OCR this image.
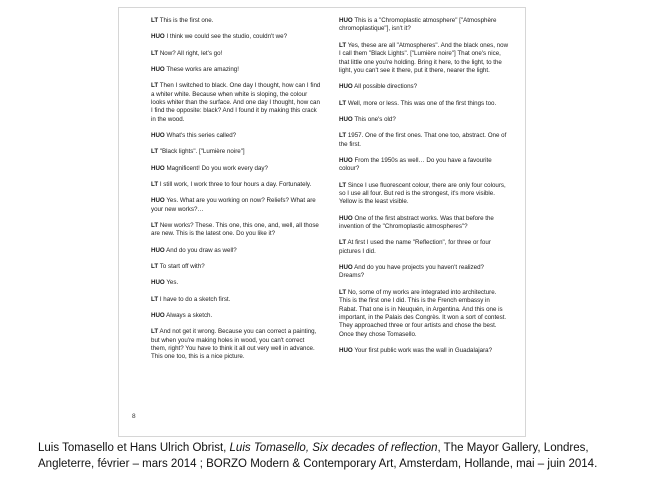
LT This is the first one.

HUO I think we could see the studio, couldn't we?

LT Now? All right, let's go!

HUO These works are amazing!

LT Then I switched to black. One day I thought, how can I find a whiter white. Because when white is sloping, the colour looks whiter than the surface. And one day I thought, how can I find the opposite: black? And I found it by making this crack in the wood.

HUO What's this series called?

LT "Black lights". ["Lumière noire"]

HUO Magnificent! Do you work every day?

LT I still work, I work three to four hours a day. Fortunately.

HUO Yes. What are you working on now? Reliefs? What are your new works?…

LT New works? These. This one, this one, and, well, all those are new. This is the latest one. Do you like it?

HUO And do you draw as well?

LT To start off with?

HUO Yes.

LT I have to do a sketch first.

HUO Always a sketch.

LT And not get it wrong. Because you can correct a painting, but when you're making holes in wood, you can't correct them, right? You have to think it all out very well in advance.
This one too, this is a nice picture.

HUO This is a "Chromoplastic atmosphere" ["Atmosphère chromoplastique"], isn't it?

LT Yes, these are all "Atmospheres". And the black ones, now I call them "Black Lights". ["Lumière noire"] That one's nice, that little one you're holding. Bring it here, to the light, to the light, you can't see it there, put it there, nearer the light.

HUO All possible directions?

LT Well, more or less. This was one of the first things too.

HUO This one's old?

LT 1957. One of the first ones. That one too, abstract. One of the first.

HUO From the 1950s as well… Do you have a favourite colour?

LT Since I use fluorescent colour, there are only four colours, so I use all four. But red is the strongest, it's more visible. Yellow is the least visible.

HUO One of the first abstract works. Was that before the invention of the "Chromoplastic atmospheres"?

LT At first I used the name "Reflection", for three or four pictures I did.

HUO And do you have projects you haven't realized? Dreams?

LT No, some of my works are integrated into architecture. This is the first one I did. This is the French embassy in Rabat. That one is in Neuquén, in Argentina. And this one is important, in the Palais des Congrès. It won a sort of contest. They approached three or four artists and chose the best. Once they chose Tomasello.

HUO Your first public work was the wall in Guadalajara?

8
Luis Tomasello et Hans Ulrich Obrist, Luis Tomasello, Six decades of reflection, The Mayor Gallery, Londres, Angleterre, février – mars 2014 ; BORZO Modern & Contemporary Art, Amsterdam, Hollande, mai – juin 2014.
